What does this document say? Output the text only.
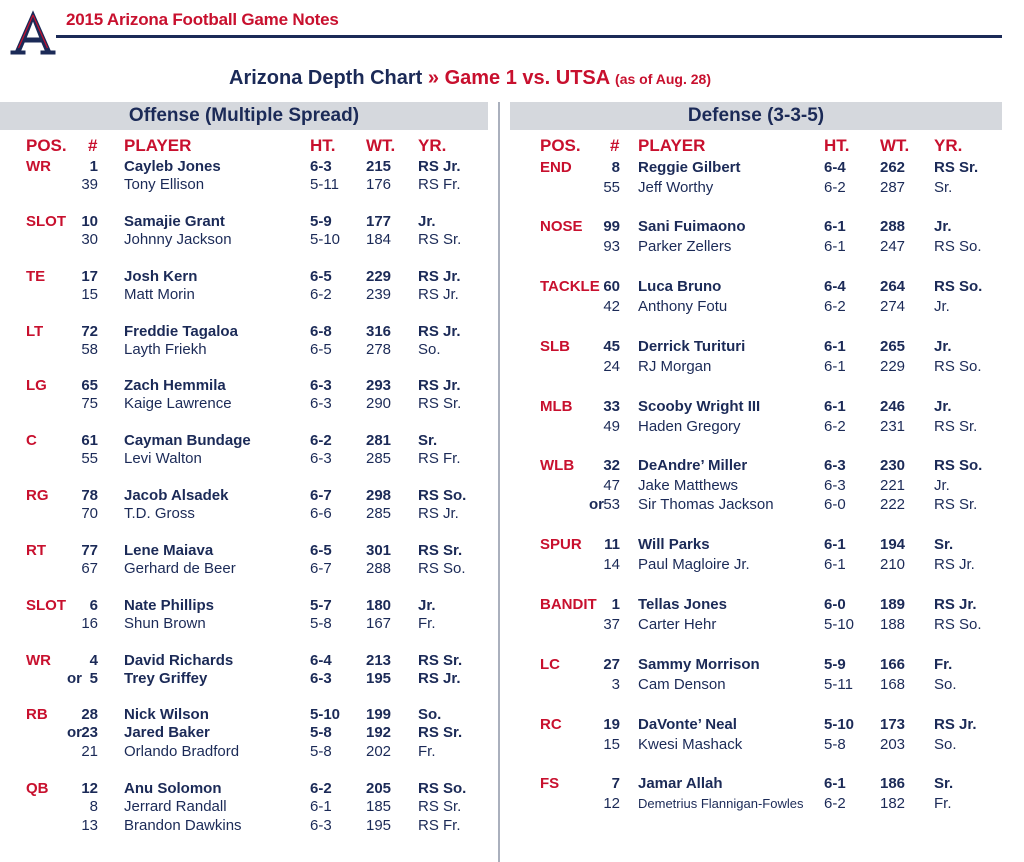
2015 Arizona Football Game Notes
Arizona Depth Chart » Game 1 vs. UTSA (as of Aug. 28)
Offense (Multiple Spread)	Defense (3-3-5)
POS. # PLAYER	HT. WT. YR.
WR	1 Cayleb Jones	6-3 215 RS Jr.
39 Tony Ellison	5-11 176 RS Fr.
SLOT	10 Samajie Grant	5-9 177 Jr.
30 Johnny Jackson	5-10 184 RS Sr.
TE	17 Josh Kern	6-5 229 RS Jr.
15 Matt Morin	6-2 239 RS Jr.
LT	72 Freddie Tagaloa	6-8 316 RS Jr.
58 Layth Friekh	6-5 278 So.
LG	65 Zach Hemmila	6-3 293 RS Jr.
75 Kaige Lawrence	6-3 290 RS Sr.
C	61 Cayman Bundage	6-2 281 Sr.
55 Levi Walton	6-3 285 RS Fr.
RG	78 Jacob Alsadek	6-7 298 RS So.
70 T.D. Gross	6-6 285 RS Jr.
RT	77 Lene Maiava	6-5 301 RS Sr.
67 Gerhard de Beer	6-7 288 RS So.
SLOT	6 Nate Phillips	5-7 180 Jr.
16 Shun Brown	5-8 167 Fr.
WR	4 David Richards	6-4 213 RS Sr.
or 5 Trey Griffey	6-3 195 RS Jr.
RB	28 Nick Wilson	5-10 199 So.
or 23 Jared Baker	5-8 192 RS Sr.
21 Orlando Bradford	5-8 202 Fr.
QB	12 Anu Solomon	6-2 205 RS So.
8 Jerrard Randall	6-1 185 RS Sr.
13 Brandon Dawkins	6-3 195 RS Fr.
POS. # PLAYER	HT. WT. YR.
END	8 Reggie Gilbert	6-4 262 RS Sr.
55 Jeff Worthy	6-2 287 Sr.
NOSE	99 Sani Fuimaono	6-1 288 Jr.
93 Parker Zellers	6-1 247 RS So.
TACKLE 60 Luca Bruno	6-4 264 RS So.
42 Anthony Fotu	6-2 274 Jr.
SLB	45 Derrick Turituri	6-1 265 Jr.
24 RJ Morgan	6-1 229 RS So.
MLB	33 Scooby Wright III	6-1 246 Jr.
49 Haden Gregory	6-2 231 RS Sr.
WLB	32 DeAndre’ Miller	6-3 230 RS So.
47 Jake Matthews	6-3 221 Jr.
or 53 Sir Thomas Jackson	6-0 222 RS Sr.
SPUR	11 Will Parks	6-1 194 Sr.
14 Paul Magloire Jr.	6-1 210 RS Jr.
BANDIT 1 Tellas Jones	6-0 189 RS Jr.
37 Carter Hehr	5-10 188 RS So.
LC	27 Sammy Morrison	5-9 166 Fr.
3 Cam Denson	5-11 168 So.
RC	19 DaVonte’ Neal	5-10 173 RS Jr.
15 Kwesi Mashack	5-8 203 So.
FS	7 Jamar Allah	6-1 186 Sr.
12 Demetrius Flannigan-Fowles 6-2 182 Fr.
